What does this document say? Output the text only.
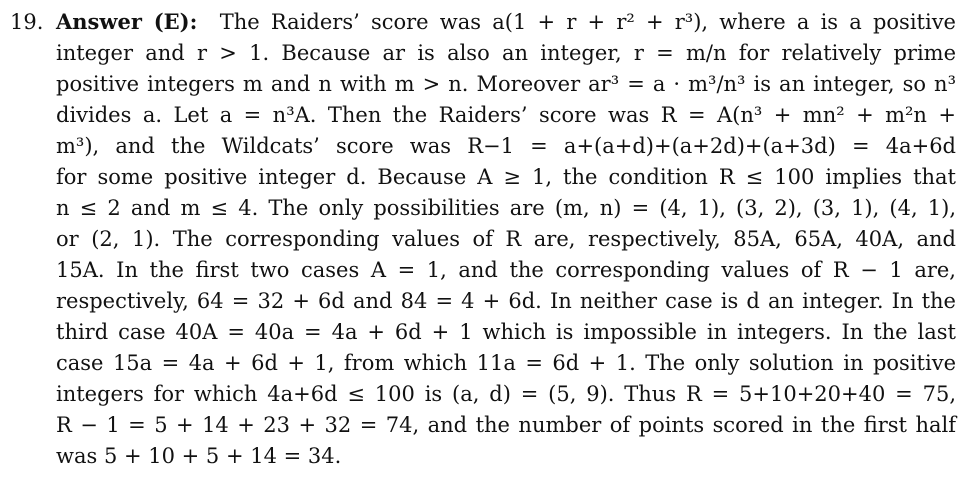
19. Answer (E): The Raiders’ score was a(1 + r + r² + r³), where a is a positive
integer and r > 1. Because ar is also an integer, r = m/n for relatively prime
positive integers m and n with m > n. Moreover ar³ = a · m³/n³ is an integer, so n³
divides a. Let a = n³A. Then the Raiders’ score was R = A(n³ + mn² + m²n +
m³), and the Wildcats’ score was R−1 = a+(a+d)+(a+2d)+(a+3d) = 4a+6d
for some positive integer d. Because A ≥ 1, the condition R ≤ 100 implies that
n ≤ 2 and m ≤ 4. The only possibilities are (m, n) = (4, 1), (3, 2), (3, 1), (4, 1),
or (2, 1). The corresponding values of R are, respectively, 85A, 65A, 40A, and
15A. In the first two cases A = 1, and the corresponding values of R − 1 are,
respectively, 64 = 32 + 6d and 84 = 4 + 6d. In neither case is d an integer. In the
third case 40A = 40a = 4a + 6d + 1 which is impossible in integers. In the last
case 15a = 4a + 6d + 1, from which 11a = 6d + 1. The only solution in positive
integers for which 4a+6d ≤ 100 is (a, d) = (5, 9). Thus R = 5+10+20+40 = 75,
R − 1 = 5 + 14 + 23 + 32 = 74, and the number of points scored in the first half
was 5 + 10 + 5 + 14 = 34.
